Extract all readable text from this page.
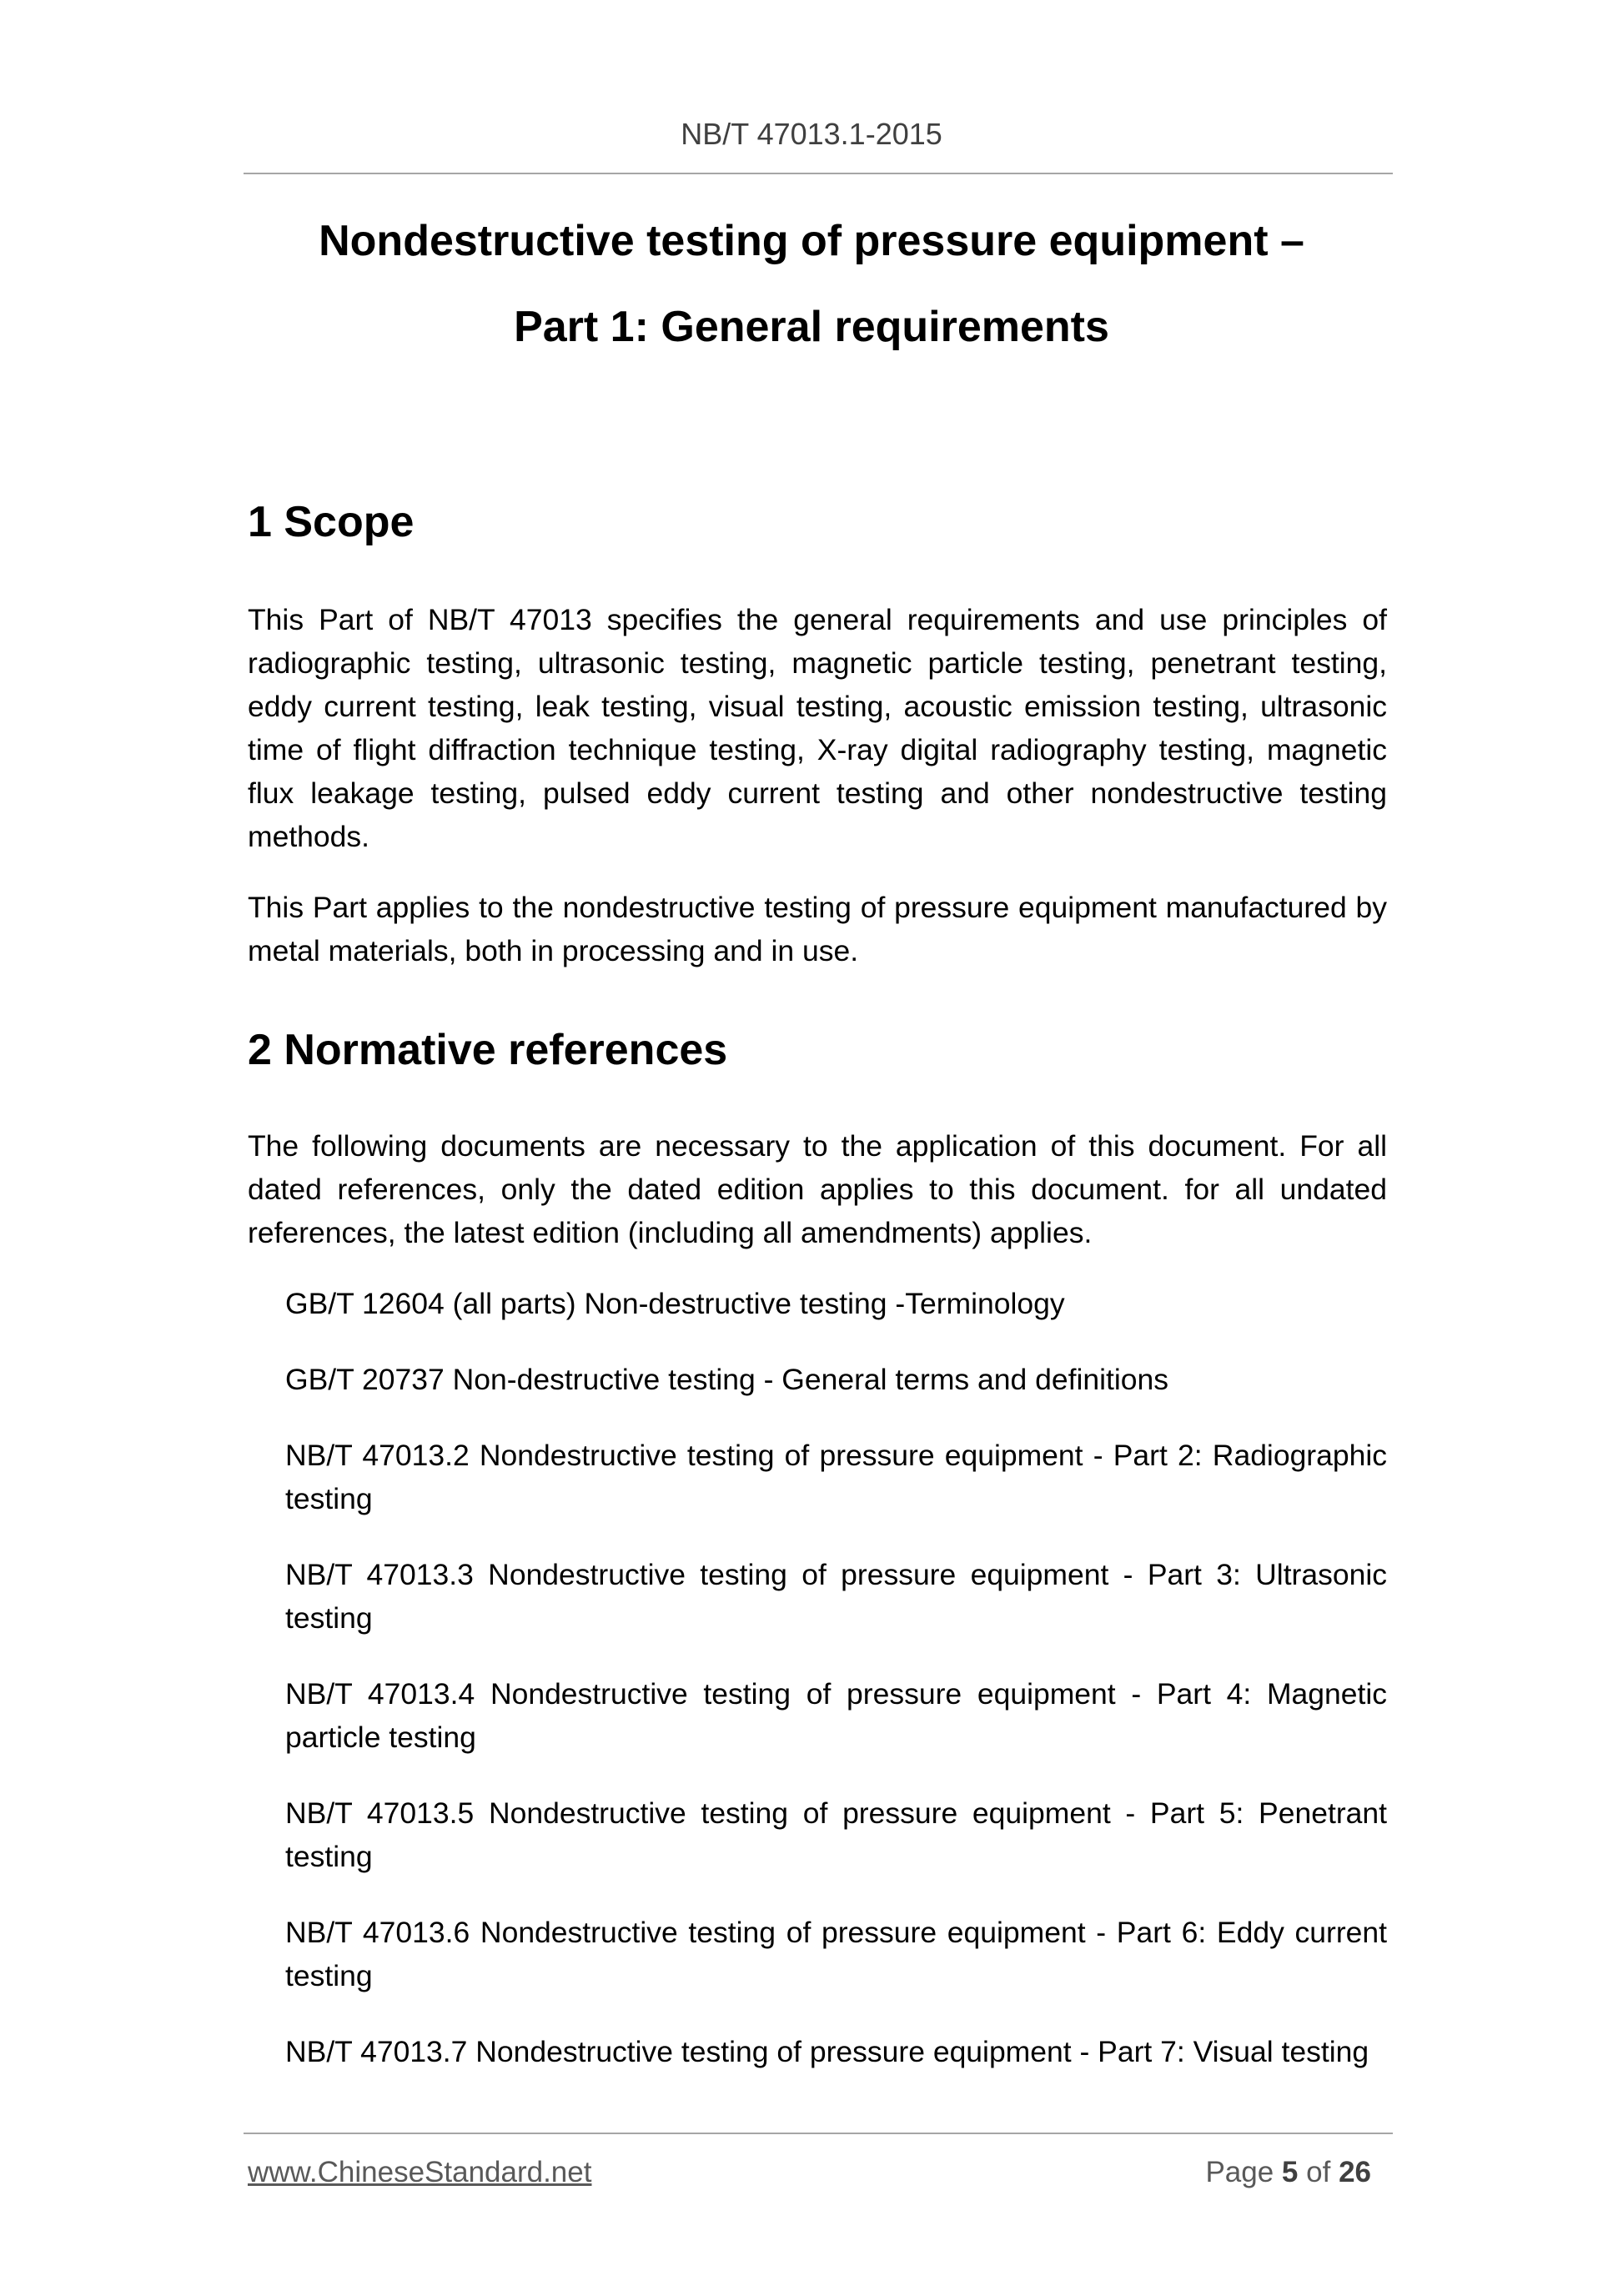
NB/T 47013.1-2015
Nondestructive testing of pressure equipment –
Part 1: General requirements
1 Scope

This Part of NB/T 47013 specifies the general requirements and use principles of radiographic testing, ultrasonic testing, magnetic particle testing, penetrant testing, eddy current testing, leak testing, visual testing, acoustic emission testing, ultrasonic time of flight diffraction technique testing, X-ray digital radiography testing, magnetic flux leakage testing, pulsed eddy current testing and other nondestructive testing methods.

This Part applies to the nondestructive testing of pressure equipment manufactured by metal materials, both in processing and in use.

2 Normative references

The following documents are necessary to the application of this document. For all dated references, only the dated edition applies to this document. for all undated references, the latest edition (including all amendments) applies.

GB/T 12604 (all parts) Non-destructive testing -Terminology
GB/T 20737 Non-destructive testing - General terms and definitions
NB/T 47013.2 Nondestructive testing of pressure equipment - Part 2: Radiographic testing
NB/T 47013.3 Nondestructive testing of pressure equipment - Part 3: Ultrasonic testing
NB/T 47013.4 Nondestructive testing of pressure equipment - Part 4: Magnetic particle testing
NB/T 47013.5 Nondestructive testing of pressure equipment - Part 5: Penetrant testing
NB/T 47013.6 Nondestructive testing of pressure equipment - Part 6: Eddy current testing
NB/T 47013.7 Nondestructive testing of pressure equipment - Part 7: Visual testing
www.ChineseStandard.net	Page 5 of 26
